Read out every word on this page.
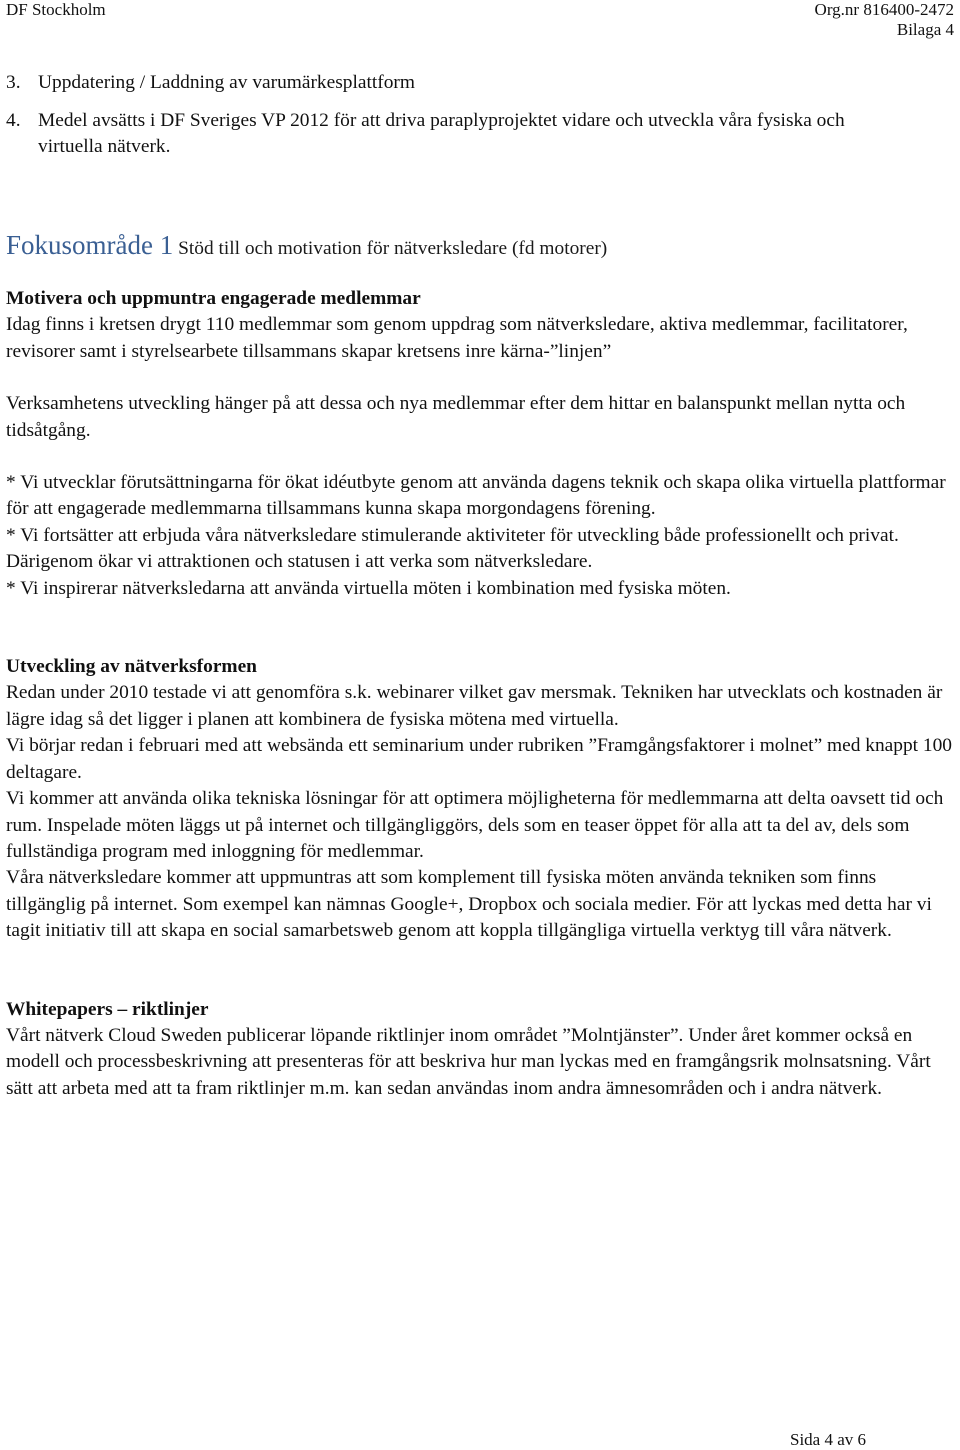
DF Stockholm	Org.nr 816400-2472
Bilaga 4
3. Uppdatering / Laddning av varumärkesplattform
4. Medel avsätts i DF Sveriges VP 2012 för att driva paraplyprojektet vidare och utveckla våra fysiska och virtuella nätverk.
Fokusområde 1 Stöd till och motivation för nätverksledare (fd motorer)

Motivera och uppmuntra engagerade medlemmar

Idag finns i kretsen drygt 110 medlemmar som genom uppdrag som nätverksledare, aktiva medlemmar, facilitatorer, revisorer samt i styrelsearbete tillsammans skapar kretsens inre kärna-”linjen”

Verksamhetens utveckling hänger på att dessa och nya medlemmar efter dem hittar en balanspunkt mellan nytta och tidsåtgång.

* Vi utvecklar förutsättningarna för ökat idéutbyte genom att använda dagens teknik och skapa olika virtuella plattformar för att engagerade medlemmarna tillsammans kunna skapa morgondagens förening.

* Vi fortsätter att erbjuda våra nätverksledare stimulerande aktiviteter för utveckling både professionellt och privat. Därigenom ökar vi attraktionen och statusen i att verka som nätverksledare.

* Vi inspirerar nätverksledarna att använda virtuella möten i kombination med fysiska möten.

Utveckling av nätverksformen

Redan under 2010 testade vi att genomföra s.k. webinarer vilket gav mersmak. Tekniken har utvecklats och kostnaden är lägre idag så det ligger i planen att kombinera de fysiska mötena med virtuella.

Vi börjar redan i februari med att websända ett seminarium under rubriken ”Framgångsfaktorer i molnet” med knappt 100 deltagare.

Vi kommer att använda olika tekniska lösningar för att optimera möjligheterna för medlemmarna att delta oavsett tid och rum. Inspelade möten läggs ut på internet och tillgängliggörs, dels som en teaser öppet för alla att ta del av, dels som fullständiga program med inloggning för medlemmar.

Våra nätverksledare kommer att uppmuntras att som komplement till fysiska möten använda tekniken som finns tillgänglig på internet. Som exempel kan nämnas Google+, Dropbox och sociala medier. För att lyckas med detta har vi tagit initiativ till att skapa en social samarbetsweb genom att koppla tillgängliga virtuella verktyg till våra nätverk.

Whitepapers – riktlinjer

Vårt nätverk Cloud Sweden publicerar löpande riktlinjer inom området ”Molntjänster”. Under året kommer också en modell och processbeskrivning att presenteras för att beskriva hur man lyckas med en framgångsrik molnsatsning. Vårt sätt att arbeta med att ta fram riktlinjer m.m. kan sedan användas inom andra ämnesområden och i andra nätverk.

Sida 4 av 6
